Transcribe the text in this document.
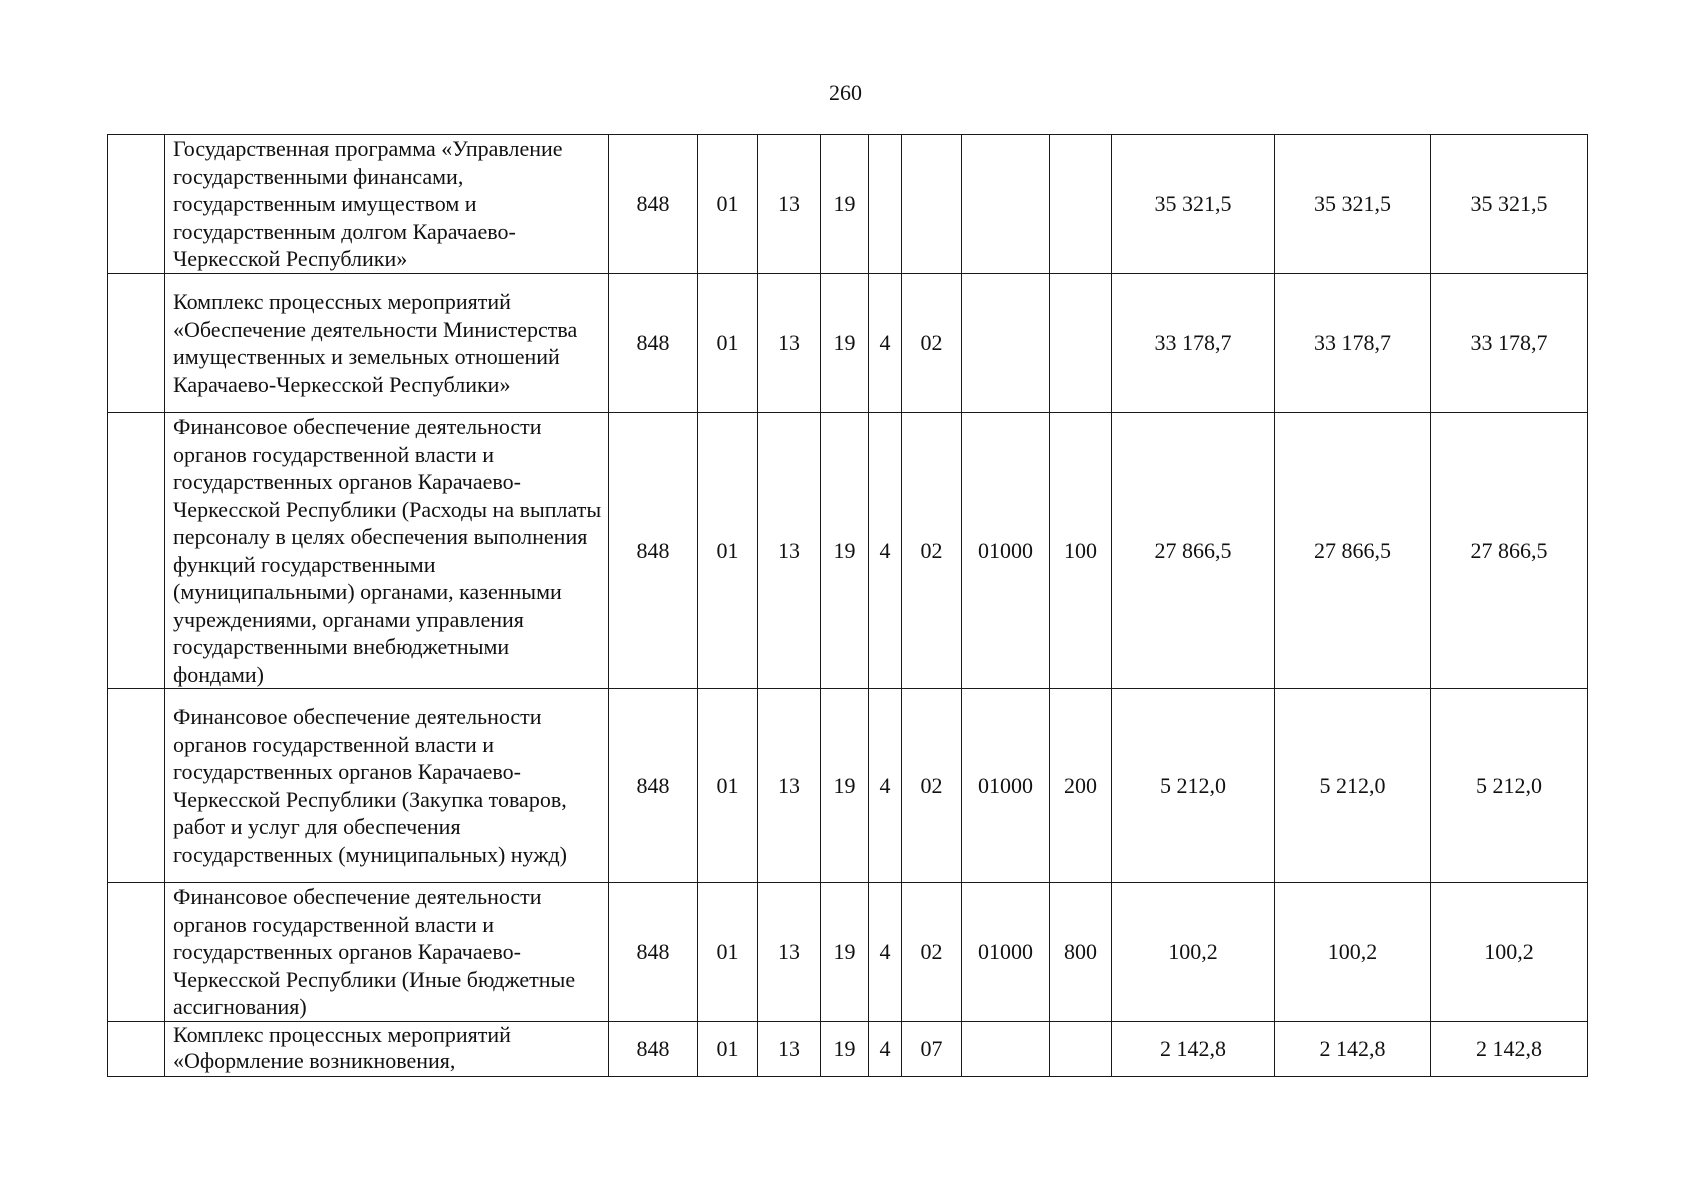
260
	Государственная программа «Управление государственными финансами, государственным имуществом и государственным долгом Карачаево-Черкесской Республики»	848	01	13	19					35 321,5	35 321,5	35 321,5
	Комплекс процессных мероприятий «Обеспечение деятельности Министерства имущественных и земельных отношений Карачаево-Черкесской Республики»	848	01	13	19	4	02			33 178,7	33 178,7	33 178,7
	Финансовое обеспечение деятельности органов государственной власти и государственных органов Карачаево-Черкесской Республики (Расходы на выплаты персоналу в целях обеспечения выполнения функций государственными (муниципальными) органами, казенными учреждениями, органами управления государственными внебюджетными фондами)	848	01	13	19	4	02	01000	100	27 866,5	27 866,5	27 866,5
	Финансовое обеспечение деятельности органов государственной власти и государственных органов Карачаево-Черкесской Республики (Закупка товаров, работ и услуг для обеспечения государственных (муниципальных) нужд)	848	01	13	19	4	02	01000	200	5 212,0	5 212,0	5 212,0
	Финансовое обеспечение деятельности органов государственной власти и государственных органов Карачаево-Черкесской Республики (Иные бюджетные ассигнования)	848	01	13	19	4	02	01000	800	100,2	100,2	100,2
	Комплекс процессных мероприятий «Оформление возникновения,	848	01	13	19	4	07			2 142,8	2 142,8	2 142,8
